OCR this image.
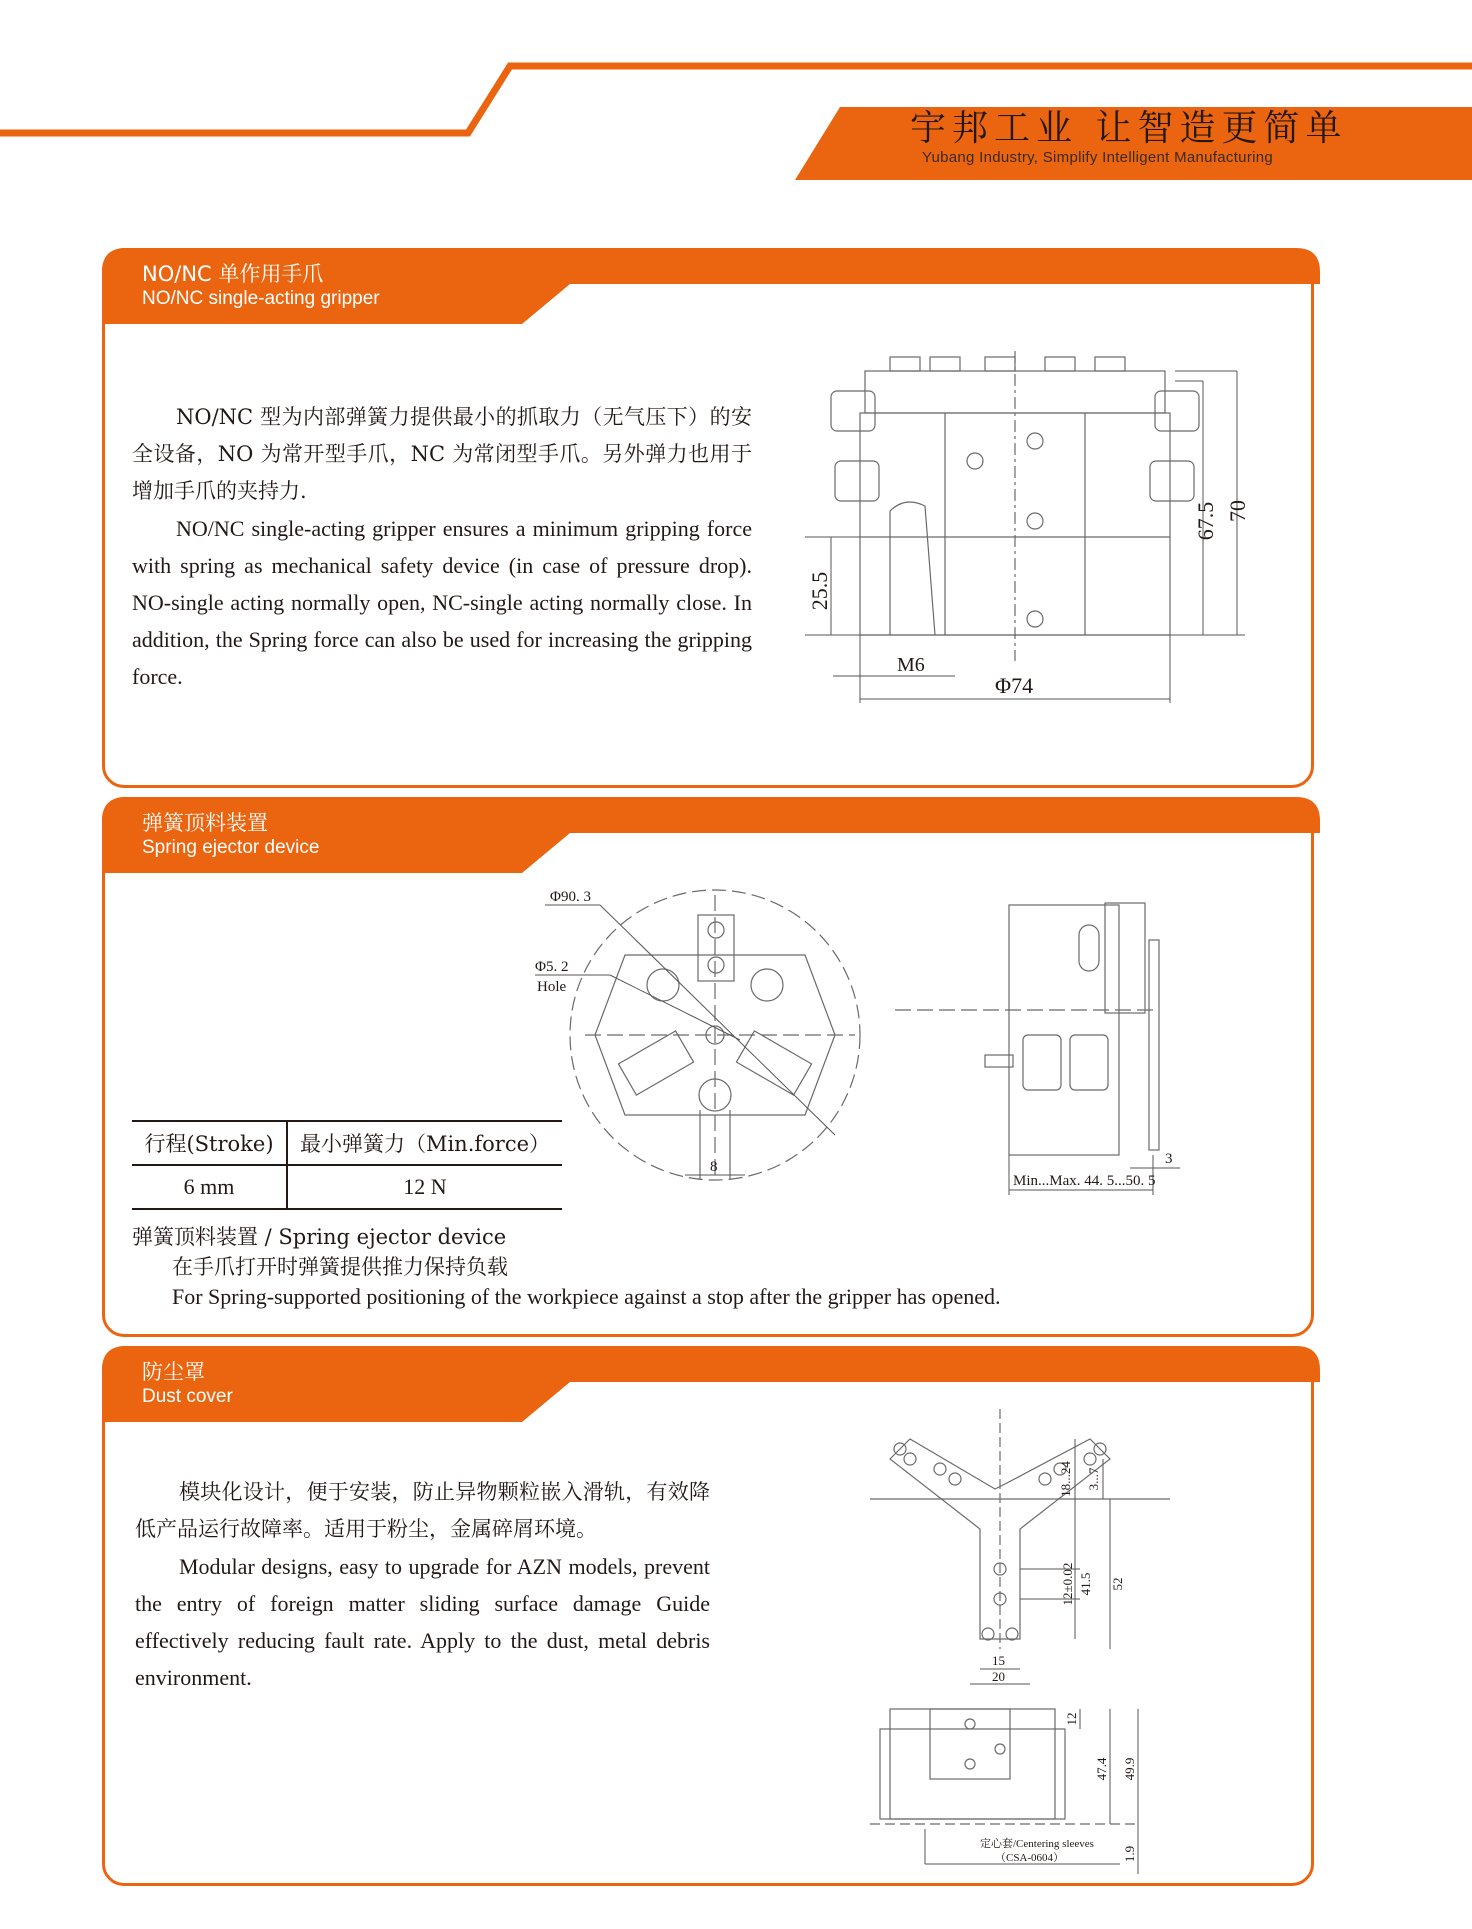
宇邦工业 让智造更简单
Yubang Industry, Simplify Intelligent Manufacturing
NO/NC 单作用手爪
NO/NC single-acting gripper

NO/NC 型为内部弹簧力提供最小的抓取力（无气压下）的安全设备，NO 为常开型手爪，NC 为常闭型手爪。另外弹力也用于增加手爪的夹持力.

NO/NC single-acting gripper ensures a minimum gripping force with spring as mechanical safety device (in case of pressure drop). NO-single acting normally open, NC-single acting normally close. In addition, the Spring force can also be used for increasing the gripping force.

67.5 70
25.5
M6
Φ74
弹簧顶料装置
Spring ejector device
Φ90. 3
Φ5. 2
Hole
8	3
Min...Max. 44. 5...50. 5
行程(Stroke)	最小弹簧力（Min.force）
6 mm	12 N
弹簧顶料装置 / Spring ejector device
在手爪打开时弹簧提供推力保持负载
For Spring-supported positioning of the workpiece against a stop after the gripper has opened.
防尘罩
Dust cover

模块化设计，便于安装，防止异物颗粒嵌入滑轨，有效降低产品运行故障率。适用于粉尘，金属碎屑环境。

Modular designs, easy to upgrade for AZN models, prevent the entry of foreign matter sliding surface damage Guide effectively reducing fault rate. Apply to the dust, metal debris environment.

18...24 3...7
12±0.02 41.5 52
15
20
12
47.4 49.9
1.9
定心套/Centering sleeves
（CSA-0604）
